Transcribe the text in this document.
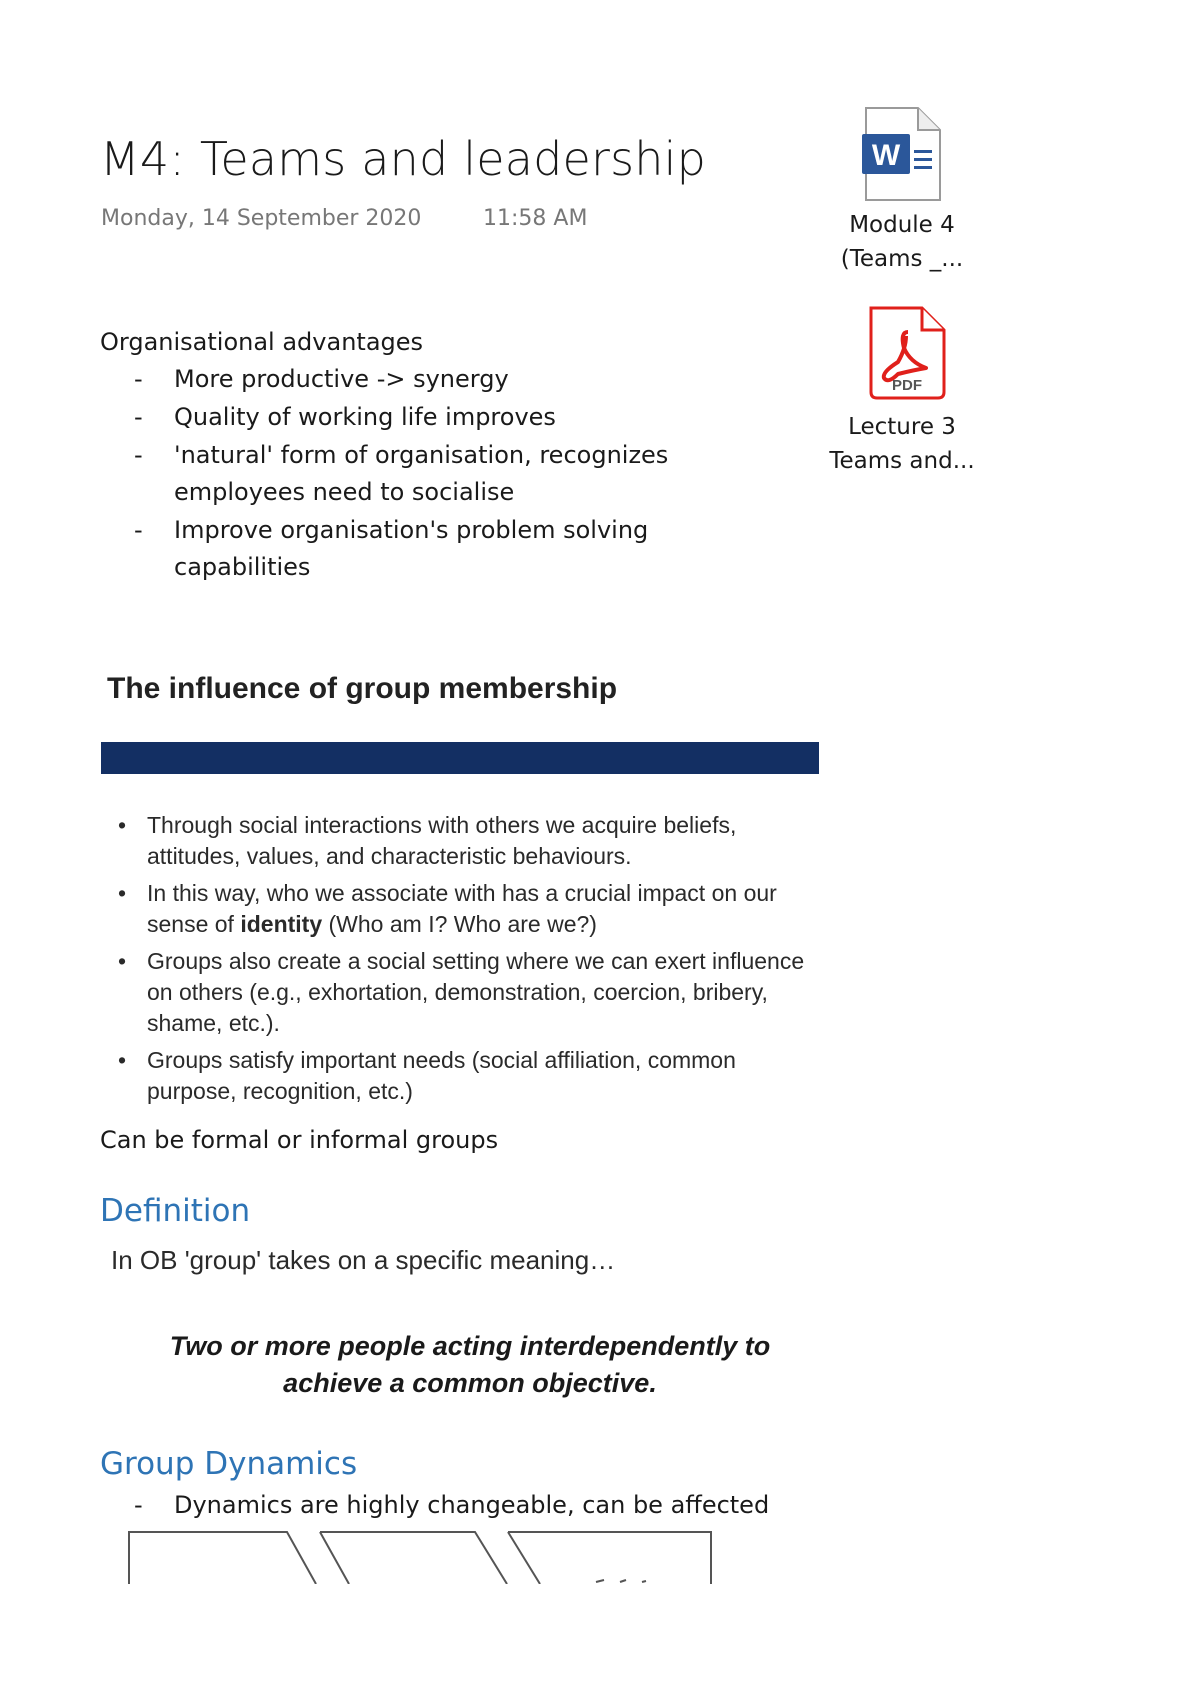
M4: Teams and leadership
Monday, 14 September 2020	11:58 AM
Organisational advantages
- More productive -> synergy
- Quality of working life improves
- 'natural' form of organisation, recognizes employees need to socialise
- Improve organisation's problem solving capabilities
The influence of group membership
• Through social interactions with others we acquire beliefs, attitudes, values, and characteristic behaviours.
• In this way, who we associate with has a crucial impact on our sense of identity (Who am I? Who are we?)
• Groups also create a social setting where we can exert influence on others (e.g., exhortation, demonstration, coercion, bribery, shame, etc.).
• Groups satisfy important needs (social affiliation, common purpose, recognition, etc.)
Can be formal or informal groups
Definition
In OB 'group' takes on a specific meaning…
Two or more people acting interdependently to
achieve a common objective.
Group Dynamics
- Dynamics are highly changeable, can be affected
W
Module 4
(Teams _...
PDF
Lecture 3
Teams and...
